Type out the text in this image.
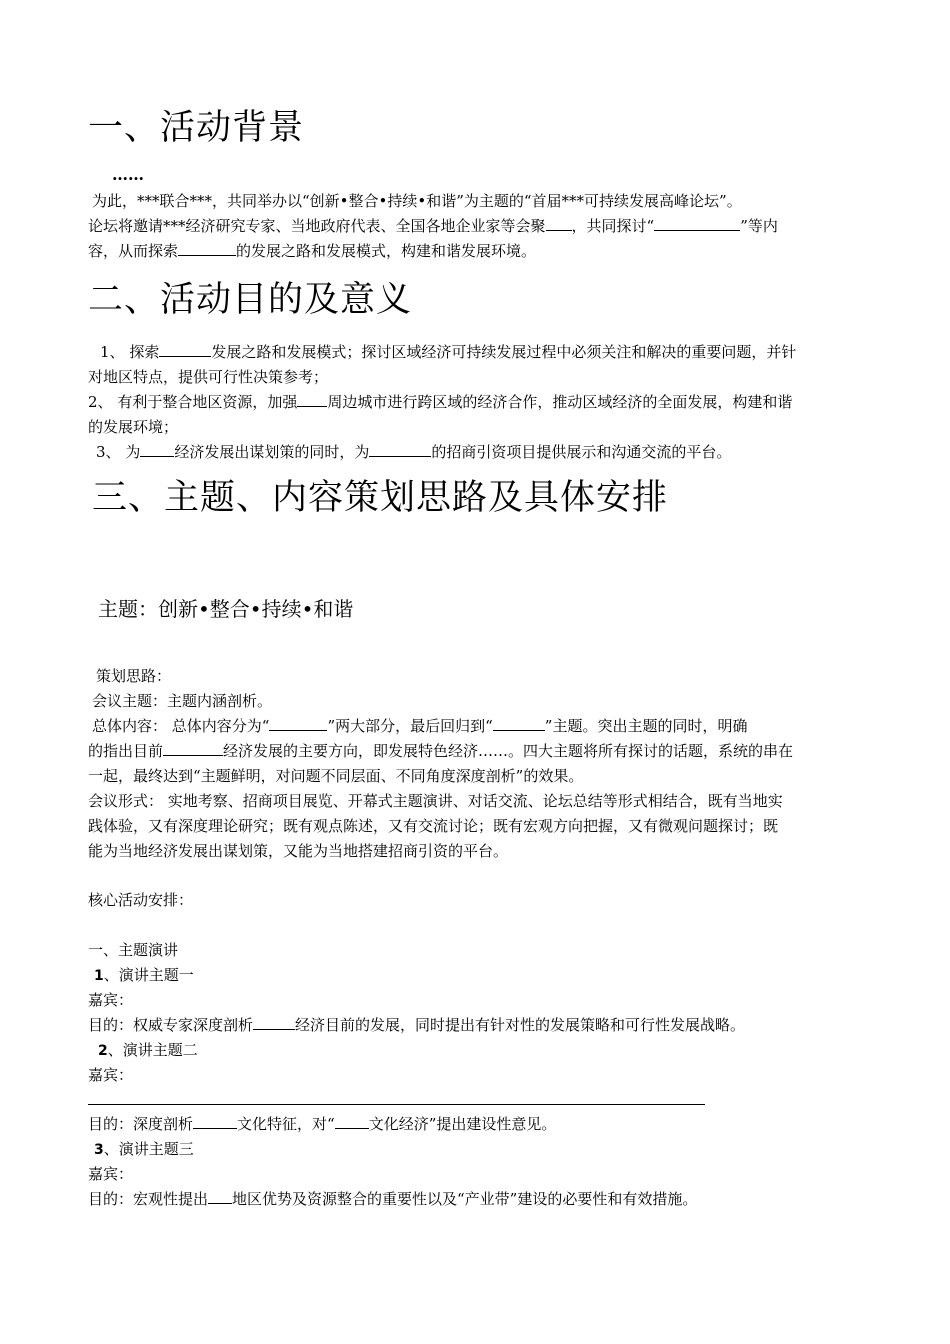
一、活动背景
……
为此，***联合***，共同举办以“创新•整合•持续•和谐”为主题的“首届***可持续发展高峰论坛”。
论坛将邀请***经济研究专家、当地政府代表、全国各地企业家等会聚 ，共同探讨“	”等内
容，从而探索	的发展之路和发展模式，构建和谐发展环境。
二、活动目的及意义
1、 探索	发展之路和发展模式；探讨区域经济可持续发展过程中必须关注和解决的重要问题，并针
对地区特点，提供可行性决策参考；
2、 有利于整合地区资源，加强 周边城市进行跨区域的经济合作，推动区域经济的全面发展，构建和谐
的发展环境；
3、 为 经济发展出谋划策的同时，为	的招商引资项目提供展示和沟通交流的平台。
三、主题、内容策划思路及具体安排
主题：创新•整合•持续•和谐
策划思路：
会议主题：主题内涵剖析。
总体内容： 总体内容分为“	”两大部分，最后回归到“	”主题。突出主题的同时，明确
的指出目前	经济发展的主要方向，即发展特色经济……。四大主题将所有探讨的话题，系统的串在
一起，最终达到“主题鲜明，对问题不同层面、不同角度深度剖析”的效果。
会议形式： 实地考察、招商项目展览、开幕式主题演讲、对话交流、论坛总结等形式相结合，既有当地实
践体验，又有深度理论研究；既有观点陈述，又有交流讨论；既有宏观方向把握，又有微观问题探讨；既
能为当地经济发展出谋划策，又能为当地搭建招商引资的平台。
核心活动安排：
一、主题演讲
1、演讲主题一
嘉宾：
目的：权威专家深度剖析	经济目前的发展，同时提出有针对性的发展策略和可行性发展战略。
2、演讲主题二
嘉宾：
目的：深度剖析	文化特征，对“ 文化经济”提出建设性意见。
3、演讲主题三
嘉宾：
目的：宏观性提出 地区优势及资源整合的重要性以及“产业带”建设的必要性和有效措施。
